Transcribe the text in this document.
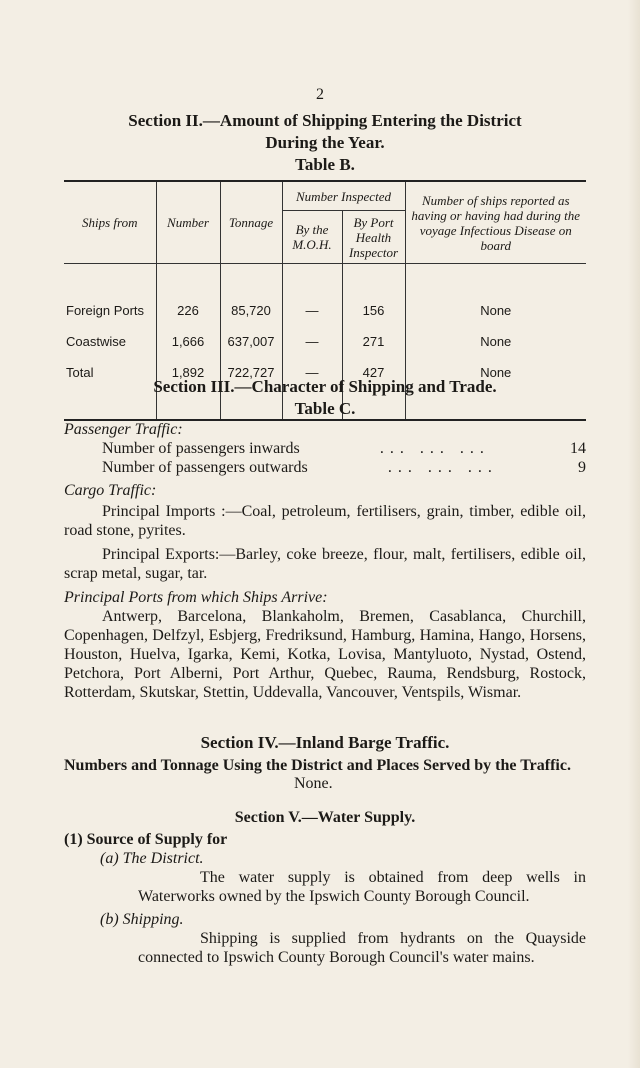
2

Section II.—Amount of Shipping Entering the District

During the Year.

Table B.

Ships from	Number	Tonnage	Number Inspected		Number of ships reported as having or having had during the voyage Infectious Disease on board
			By the M.O.H.	By Port Health Inspector	

Foreign Ports	226	85,720	—	156	None
Coastwise	1,666	637,007	—	271	None
Total	1,892	722,727	—	427	None

Section III.—Character of Shipping and Trade.

Table C.

Passenger Traffic:
Number of passengers inwards	... ... ...	14
Number of passengers outwards	... ... ...	9
Cargo Traffic:
Principal Imports :—Coal, petroleum, fertilisers, grain, timber, edible oil, road stone, pyrites.
Principal Exports:—Barley, coke breeze, flour, malt, fertilisers, edible oil, scrap metal, sugar, tar.
Principal Ports from which Ships Arrive:
Antwerp, Barcelona, Blankaholm, Bremen, Casablanca, Churchill, Copenhagen, Delfzyl, Esbjerg, Fredriksund, Hamburg, Hamina, Hango, Horsens, Houston, Huelva, Igarka, Kemi, Kotka, Lovisa, Mantyluoto, Nystad, Ostend, Petchora, Port Alberni, Port Arthur, Quebec, Rauma, Rendsburg, Rostock, Rotterdam, Skutskar, Stettin, Uddevalla, Vancouver, Ventspils, Wismar.

Section IV.—Inland Barge Traffic.

Numbers and Tonnage Using the District and Places Served by the Traffic.
None.

Section V.—Water Supply.

(1) Source of Supply for
(a) The District.
The water supply is obtained from deep wells in Waterworks owned by the Ipswich County Borough Council.
(b) Shipping.
Shipping is supplied from hydrants on the Quayside connected to Ipswich County Borough Council's water mains.
